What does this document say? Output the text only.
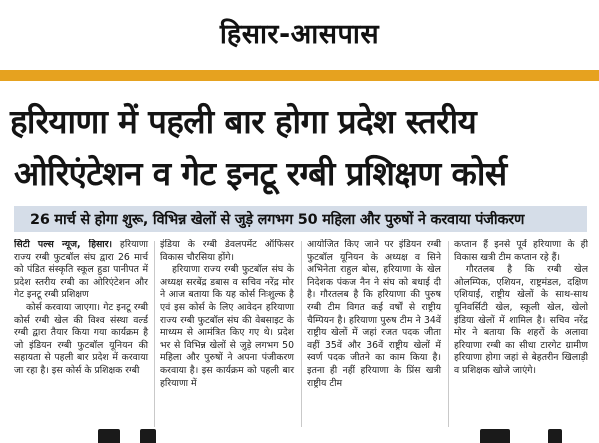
हिसार-आसपास
हरियाणा में पहली बार होगा प्रदेश स्तरीय
ओरिएंटेशन व गेट इनटू रग्बी प्रशिक्षण कोर्स
26 मार्च से होगा शुरू, विभिन्न खेलों से जुड़े लगभग 50 महिला और पुरुषों ने करवाया पंजीकरण

सिटी पल्स न्यूज, हिसार। हरियाणा राज्य रग्बी फुटबॉल संघ द्वारा 26 मार्च को पंडित संस्कृति स्कूल हुडा पानीपत में प्रदेश स्तरीय रग्बी का ओरिएंटेशन और गेट इनटू रग्बी प्रशिक्षण

कोर्स करवाया जाएगा। गेट इनटू रग्बी कोर्स रग्बी खेल की विश्व संस्था वर्ल्ड रग्बी द्वारा तैयार किया गया कार्यक्रम है जो इंडियन रग्बी फुटबॉल यूनियन की सहायता से पहली बार प्रदेश में करवाया जा रहा है। इस कोर्स के प्रशिक्षक रग्बी

इंडिया के रग्बी डेवलपमेंट ऑफिसर विकास चौरसिया होंगे।

हरियाणा राज्य रग्बी फुटबॉल संघ के अध्यक्ष सरबेंद्र डबास व सचिव नरेंद्र मोर ने आज बताया कि यह कोर्स निःशुल्क है एवं इस कोर्स के लिए आवेदन हरियाणा राज्य रग्बी फुटबॉल संघ की वेबसाइट के माध्यम से आमंत्रित किए गए थे। प्रदेश भर से विभिन्न खेलों से जुड़े लगभग 50 महिला और पुरुषों ने अपना पंजीकरण करवाया है। इस कार्यक्रम को पहली बार हरियाणा में

आयोजित किए जाने पर इंडियन रग्बी फुटबॉल यूनियन के अध्यक्ष व सिने अभिनेता राहुल बोस, हरियाणा के खेल निदेशक पंकज नैन ने संघ को बधाई दी है। गौरतलब है कि हरियाणा की पुरुष रग्बी टीम विगत कई वर्षों से राष्ट्रीय चैम्पियन है। हरियाणा पुरुष टीम ने 34वें राष्ट्रीय खेलों में जहां रजत पदक जीता वहीं 35वें और 36वें राष्ट्रीय खेलों में स्वर्ण पदक जीतने का काम किया है। इतना ही नहीं हरियाणा के प्रिंस खत्री राष्ट्रीय टीम

कप्तान हैं इनसे पूर्व हरियाणा के ही विकास खत्री टीम कप्तान रहे हैं।

गौरतलब है कि रग्बी खेल ओलम्पिक, एशियन, राष्ट्रमंडल, दक्षिण एशियाई, राष्ट्रीय खेलों के साथ-साथ यूनिवर्सिटी खेल, स्कूली खेल, खेलो इंडिया खेलों में शामिल है। सचिव नरेंद्र मोर ने बताया कि शहरों के अलावा हरियाणा रग्बी का सीधा टारगेट ग्रामीण हरियाणा होगा जहां से बेहतरीन खिलाड़ी व प्रशिक्षक खोजे जाएंगे।
